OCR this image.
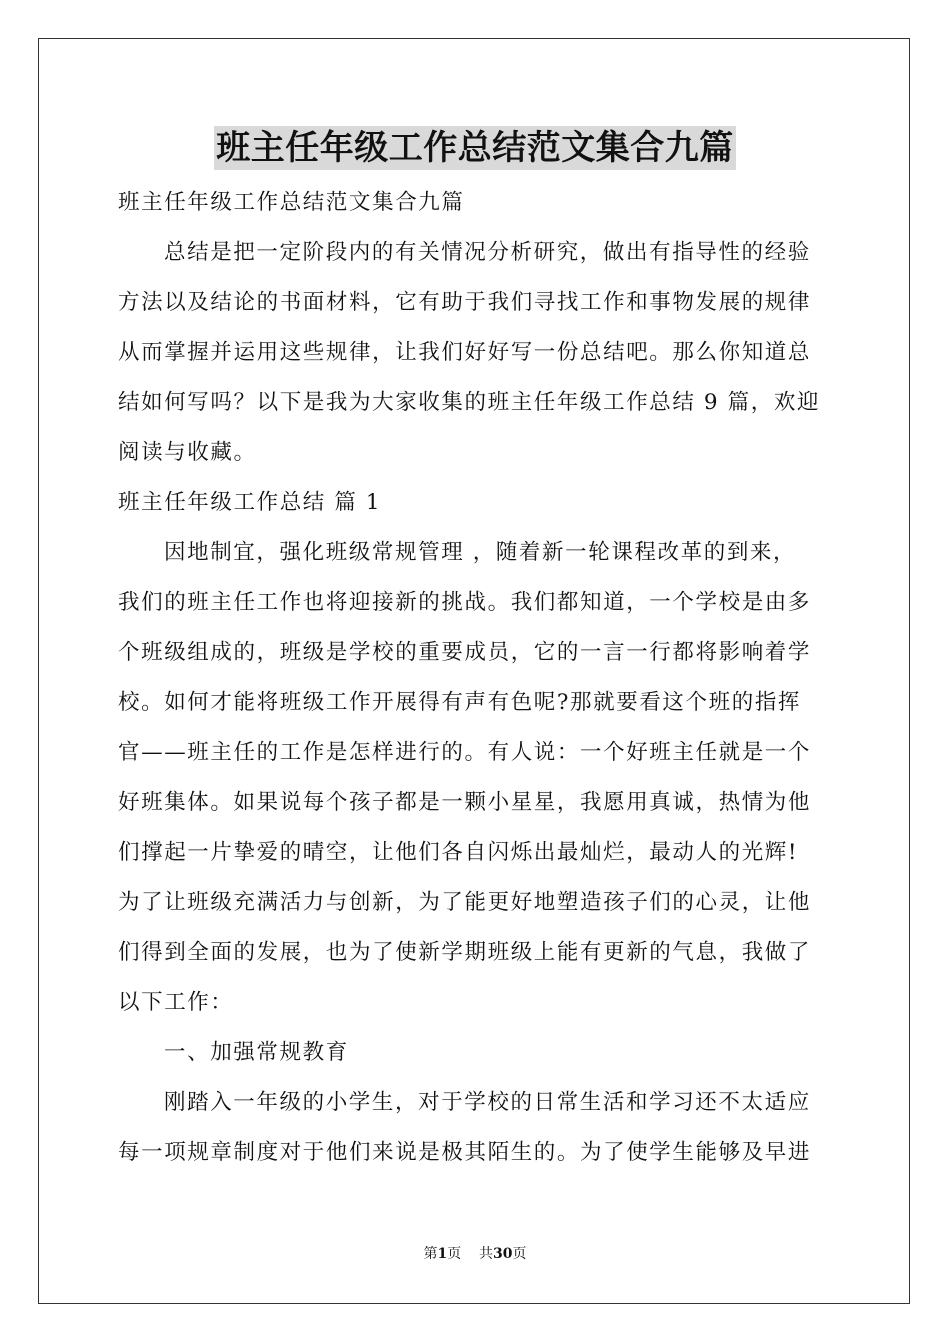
班主任年级工作总结范文集合九篇
班主任年级工作总结范文集合九篇
总结是把一定阶段内的有关情况分析研究，做出有指导性的经验
方法以及结论的书面材料，它有助于我们寻找工作和事物发展的规律
从而掌握并运用这些规律，让我们好好写一份总结吧。那么你知道总
结如何写吗？以下是我为大家收集的班主任年级工作总结 9 篇，欢迎
阅读与收藏。
班主任年级工作总结 篇 1
因地制宜，强化班级常规管理 ，随着新一轮课程改革的到来，
我们的班主任工作也将迎接新的挑战。我们都知道，一个学校是由多
个班级组成的，班级是学校的重要成员，它的一言一行都将影响着学
校。如何才能将班级工作开展得有声有色呢?那就要看这个班的指挥
官——班主任的工作是怎样进行的。有人说：一个好班主任就是一个
好班集体。如果说每个孩子都是一颗小星星，我愿用真诚，热情为他
们撑起一片挚爱的晴空，让他们各自闪烁出最灿烂，最动人的光辉!
为了让班级充满活力与创新，为了能更好地塑造孩子们的心灵，让他
们得到全面的发展，也为了使新学期班级上能有更新的气息，我做了
以下工作：
一、加强常规教育
刚踏入一年级的小学生，对于学校的日常生活和学习还不太适应
每一项规章制度对于他们来说是极其陌生的。为了使学生能够及早进
第1页    共30页
